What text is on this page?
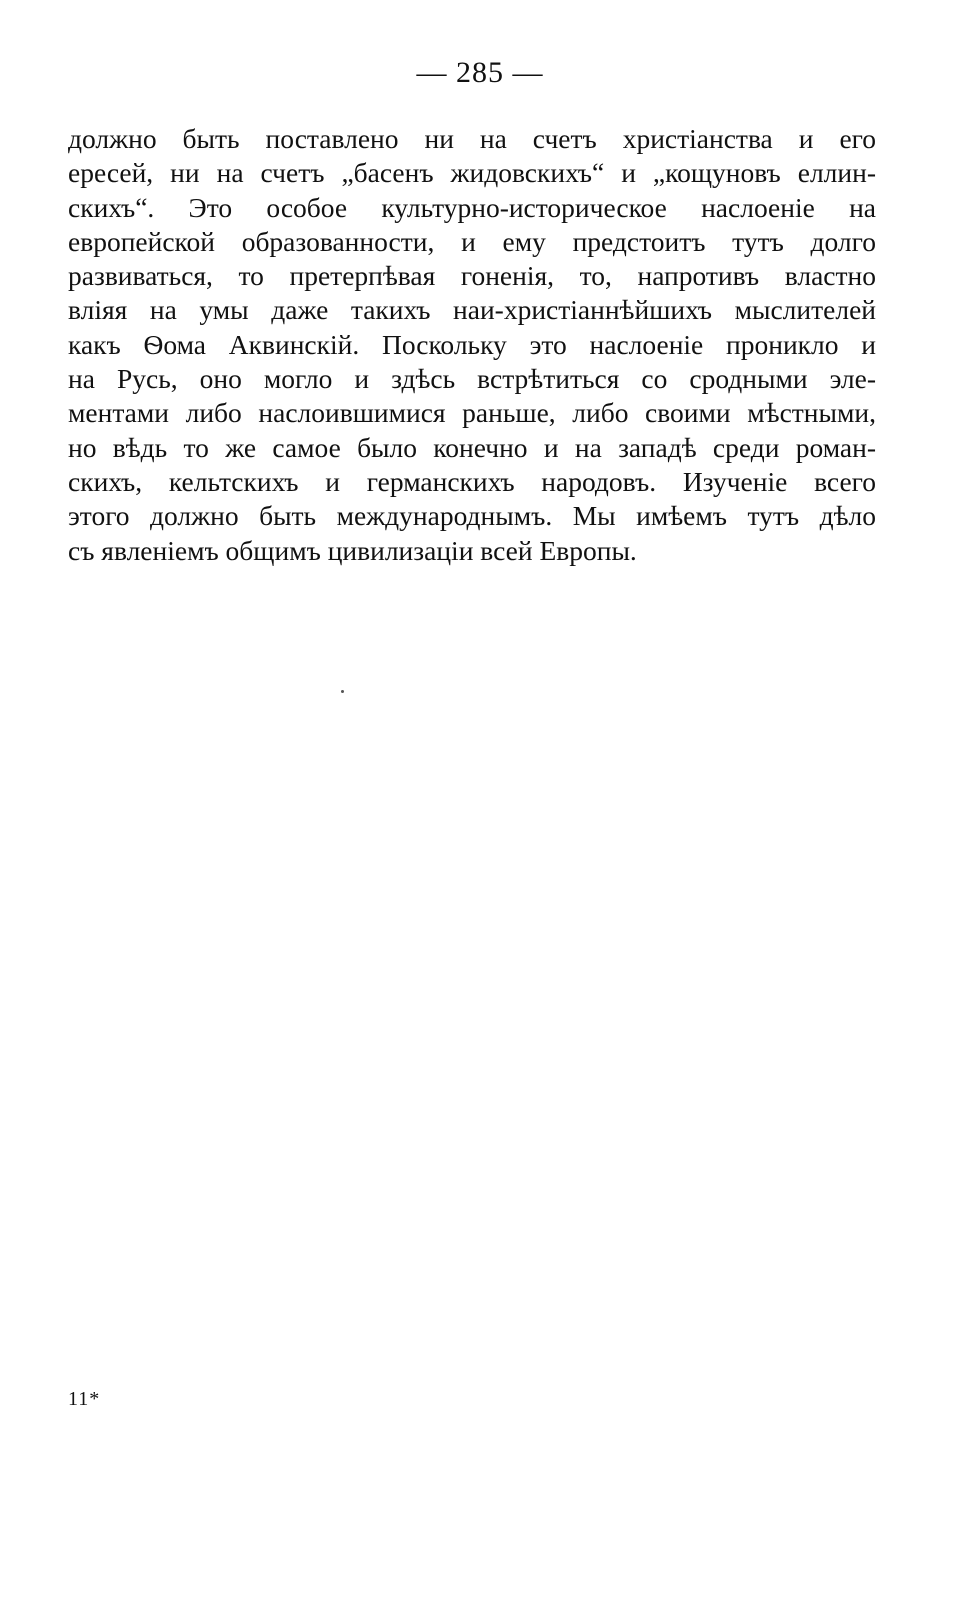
— 285 —
должно быть поставлено ни на счетъ христiанства и его
ересей, ни на счетъ „басенъ жидовскихъ“ и „кощуновъ еллин-
скихъ“. Это особое культурно-историческое наслоенiе на
европейской образованности, и ему предстоитъ тутъ долго
развиваться, то претерпѣвая гоненiя, то, напротивъ властно
влiяя на умы даже такихъ наи-христiаннѣйшихъ мыслителей
какъ Ѳома Аквинскiй. Поскольку это наслоенiе проникло и
на Русь, оно могло и здѣсь встрѣтиться со сродными эле-
ментами либо наслоившимися раньше, либо своими мѣстными,
но вѣдь то же самое было конечно и на западѣ среди роман-
скихъ, кельтскихъ и германскихъ народовъ. Изученiе всего
этого должно быть международнымъ. Мы имѣемъ тутъ дѣло
съ явленiемъ общимъ цивилизацiи всей Европы.
11*
